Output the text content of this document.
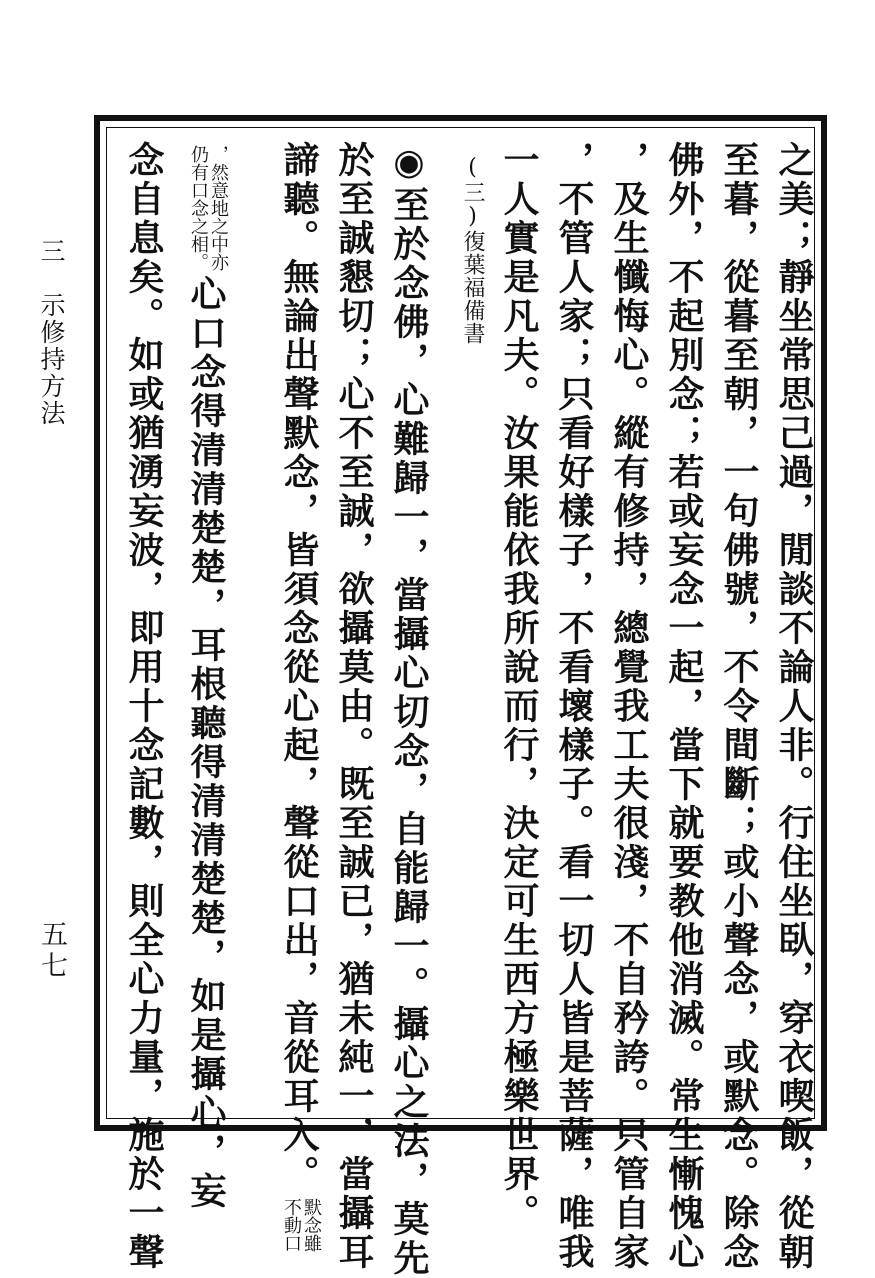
三　示修持方法
五七	之美；靜坐常思己過，閒談不論人非。行住坐臥，穿衣喫飯，從朝
至暮，從暮至朝，一句佛號，不令間斷；或小聲念，或默念。除念
佛外，不起別念；若或妄念一起，當下就要教他消滅。常生慚愧心
，及生懺悔心。縱有修持，總覺我工夫很淺，不自矜誇。只管自家
，不管人家；只看好樣子，不看壞樣子。看一切人皆是菩薩，唯我
一人實是凡夫。汝果能依我所說而行，決定可生西方極樂世界。
(三)復葉福備書
◉至於念佛，心難歸一，當攝心切念，自能歸一。攝心之法，莫先
於至誠懇切；心不至誠，欲攝莫由。既至誠已，猶未純一，當攝耳
諦聽。無論出聲默念，皆須念從心起，聲從口出，音從耳入。
默念雖
不動口
，然意地之中亦
仍有口念之相。
心口念得清清楚楚，耳根聽得清清楚楚，如是攝心，妄
念自息矣。如或猶湧妄波，即用十念記數，則全心力量，施於一聲
